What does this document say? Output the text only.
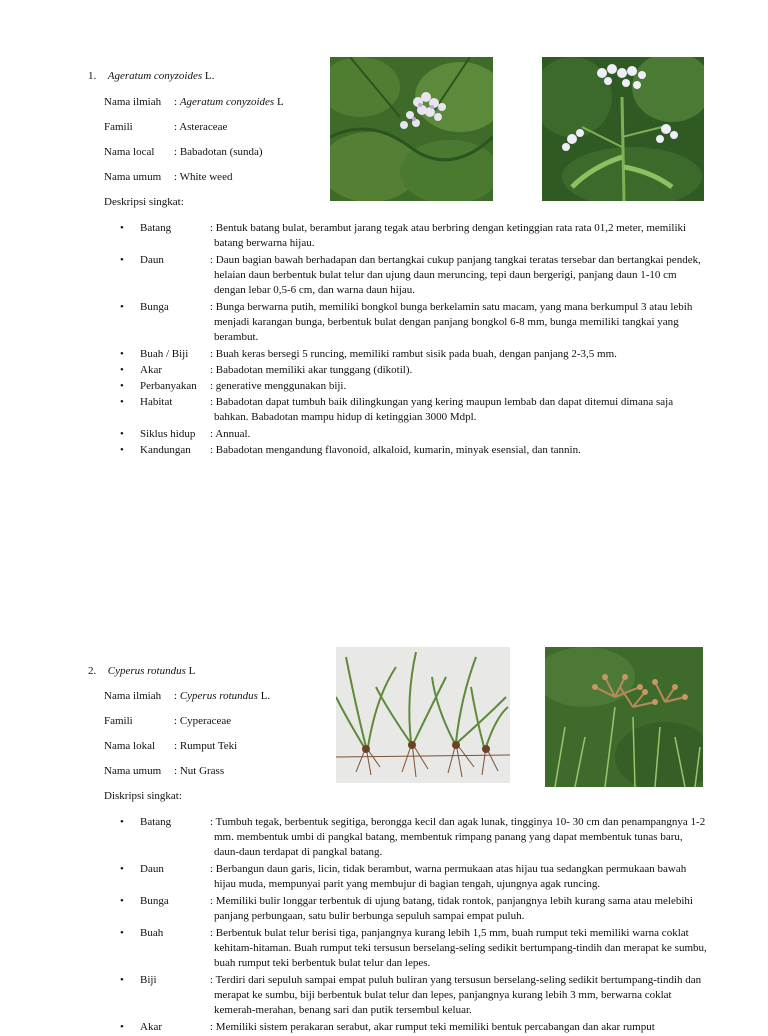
1. Ageratum conyzoides L.
Nama ilmiah : Ageratum conyzoides L
Famili	: Asteraceae
Nama local : Babadotan (sunda)
Nama umum : White weed
Deskripsi singkat:
•	Batang	: Bentuk batang bulat, berambut jarang tegak atau berbring dengan ketinggian rata rata 01,2 meter, memiliki batang berwarna hijau.
•	Daun	: Daun bagian bawah berhadapan dan bertangkai cukup panjang tangkai teratas tersebar dan bertangkai pendek, helaian daun berbentuk bulat telur dan ujung daun meruncing, tepi daun bergerigi, panjang daun 1-10 cm dengan lebar 0,5-6 cm, dan warna daun hijau.
•	Bunga	: Bunga berwarna putih, memiliki bongkol bunga berkelamin satu macam, yang mana berkumpul 3 atau lebih menjadi karangan bunga, berbentuk bulat dengan panjang bongkol 6-8 mm, bunga memiliki tangkai yang berambut.
•	Buah / Biji	: Buah keras bersegi 5 runcing, memiliki rambut sisik pada buah, dengan panjang 2-3,5 mm.
•	Akar	: Babadotan memiliki akar tunggang (dikotil).
•	Perbanyakan	: generative menggunakan biji.
•	Habitat	: Babadotan dapat tumbuh baik dilingkungan yang kering maupun lembab dan dapat ditemui dimana saja bahkan. Babadotan mampu hidup di ketinggian 3000 Mdpl.
•	Siklus hidup	: Annual.
•	Kandungan	: Babadotan mengandung flavonoid, alkaloid, kumarin, minyak esensial, dan tannin.
2. Cyperus rotundus L
Nama ilmiah : Cyperus rotundus L.
Famili	: Cyperaceae
Nama lokal : Rumput Teki
Nama umum : Nut Grass
Diskripsi singkat:
•	Batang	: Tumbuh tegak, berbentuk segitiga, berongga kecil dan agak lunak, tingginya 10- 30 cm dan penampangnya 1-2 mm. membentuk umbi di pangkal batang, membentuk rimpang panang yang dapat membentuk tunas baru, daun-daun terdapat di pangkal batang.
•	Daun	: Berbangun daun garis, licin, tidak berambut, warna permukaan atas hijau tua sedangkan permukaan bawah hijau muda, mempunyai parit yang membujur di bagian tengah, ujungnya agak runcing.
•	Bunga	: Memiliki bulir longgar terbentuk di ujung batang, tidak rontok, panjangnya lebih kurang sama atau melebihi panjang perbungaan, satu bulir berbunga sepuluh sampai empat puluh.
•	Buah	: Berbentuk bulat telur berisi tiga, panjangnya kurang lebih 1,5 mm, buah rumput teki memiliki warna coklat kehitam-hitaman. Buah rumput teki tersusun berselang-seling sedikit bertumpang-tindih dan merapat ke sumbu, buah rumput teki berbentuk bulat telur dan lepes.
•	Biji	: Terdiri dari sepuluh sampai empat puluh buliran yang tersusun berselang-seling sedikit bertumpang-tindih dan merapat ke sumbu, biji berbentuk bulat telur dan lepes, panjangnya kurang lebih 3 mm, berwarna coklat kemerah-merahan, benang sari dan putik tersembul keluar.
•	Akar	: Memiliki sistem perakaran serabut, akar rumput teki memiliki bentuk percabangan dan akar rumput
